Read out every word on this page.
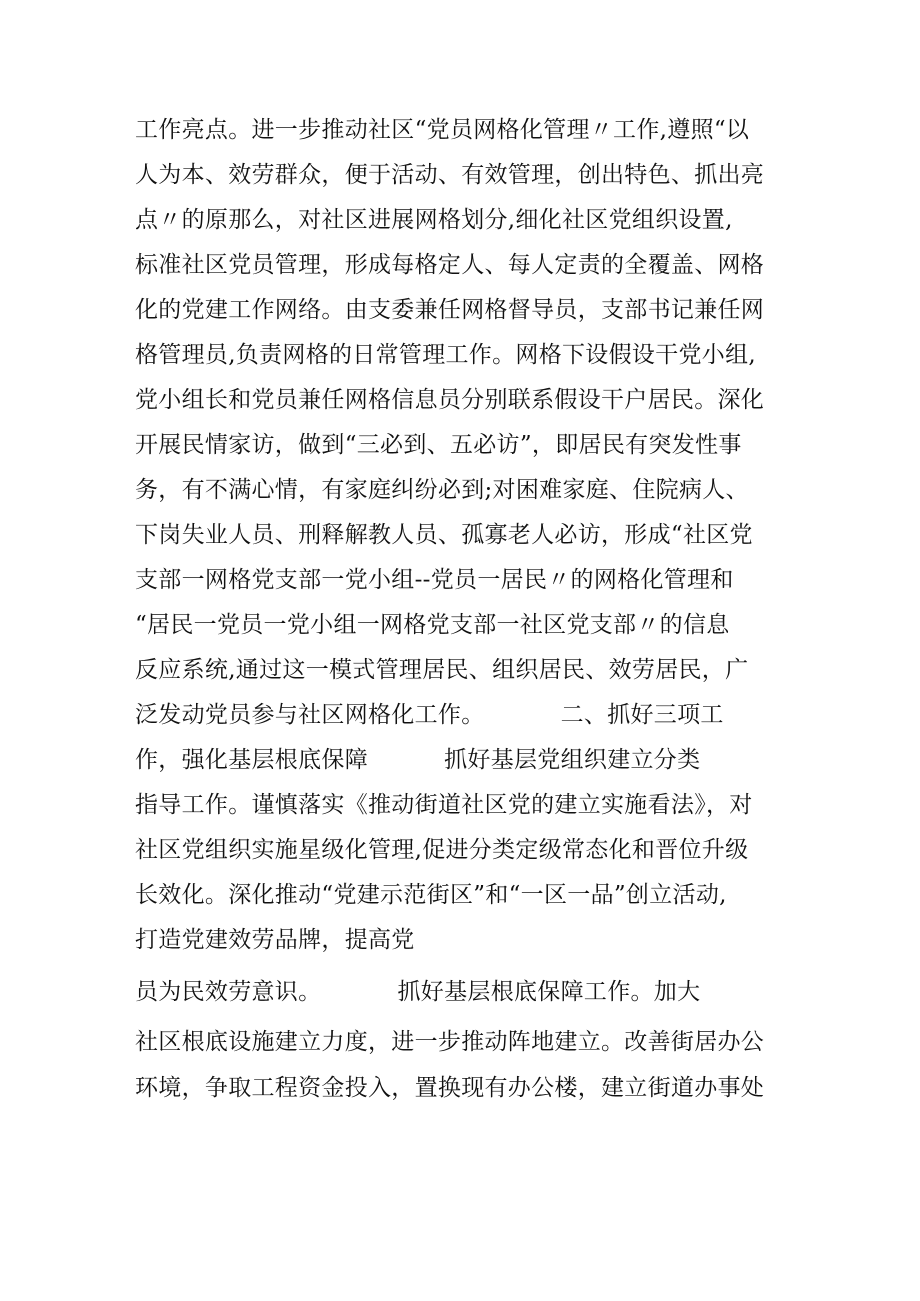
工作亮点。进一步推动社区“党员网格化管理〃工作,遵照“以
人为本、效劳群众，便于活动、有效管理，创出特色、抓出亮
点〃的原那么，对社区进展网格划分,细化社区党组织设置,
标准社区党员管理，形成每格定人、每人定责的全覆盖、网格
化的党建工作网络。由支委兼任网格督导员，支部书记兼任网
格管理员,负责网格的日常管理工作。网格下设假设干党小组,
党小组长和党员兼任网格信息员分别联系假设干户居民。深化
开展民情家访，做到“三必到、五必访”，即居民有突发性事
务，有不满心情，有家庭纠纷必到;对困难家庭、住院病人、
下岗失业人员、刑释解教人员、孤寡老人必访，形成“社区党
支部一网格党支部一党小组--党员一居民〃的网格化管理和
“居民一党员一党小组一网格党支部一社区党支部〃的信息
反应系统,通过这一模式管理居民、组织居民、效劳居民，广
泛发动党员参与社区网格化工作。          二、抓好三项工
作，强化基层根底保障          抓好基层党组织建立分类
指导工作。谨慎落实《推动街道社区党的建立实施看法》，对
社区党组织实施星级化管理,促进分类定级常态化和晋位升级
长效化。深化推动“党建示范街区”和“一区一品”创立活动,
打造党建效劳品牌，提高党
员为民效劳意识。          抓好基层根底保障工作。加大
社区根底设施建立力度，进一步推动阵地建立。改善街居办公
环境，争取工程资金投入，置换现有办公楼，建立街道办事处
